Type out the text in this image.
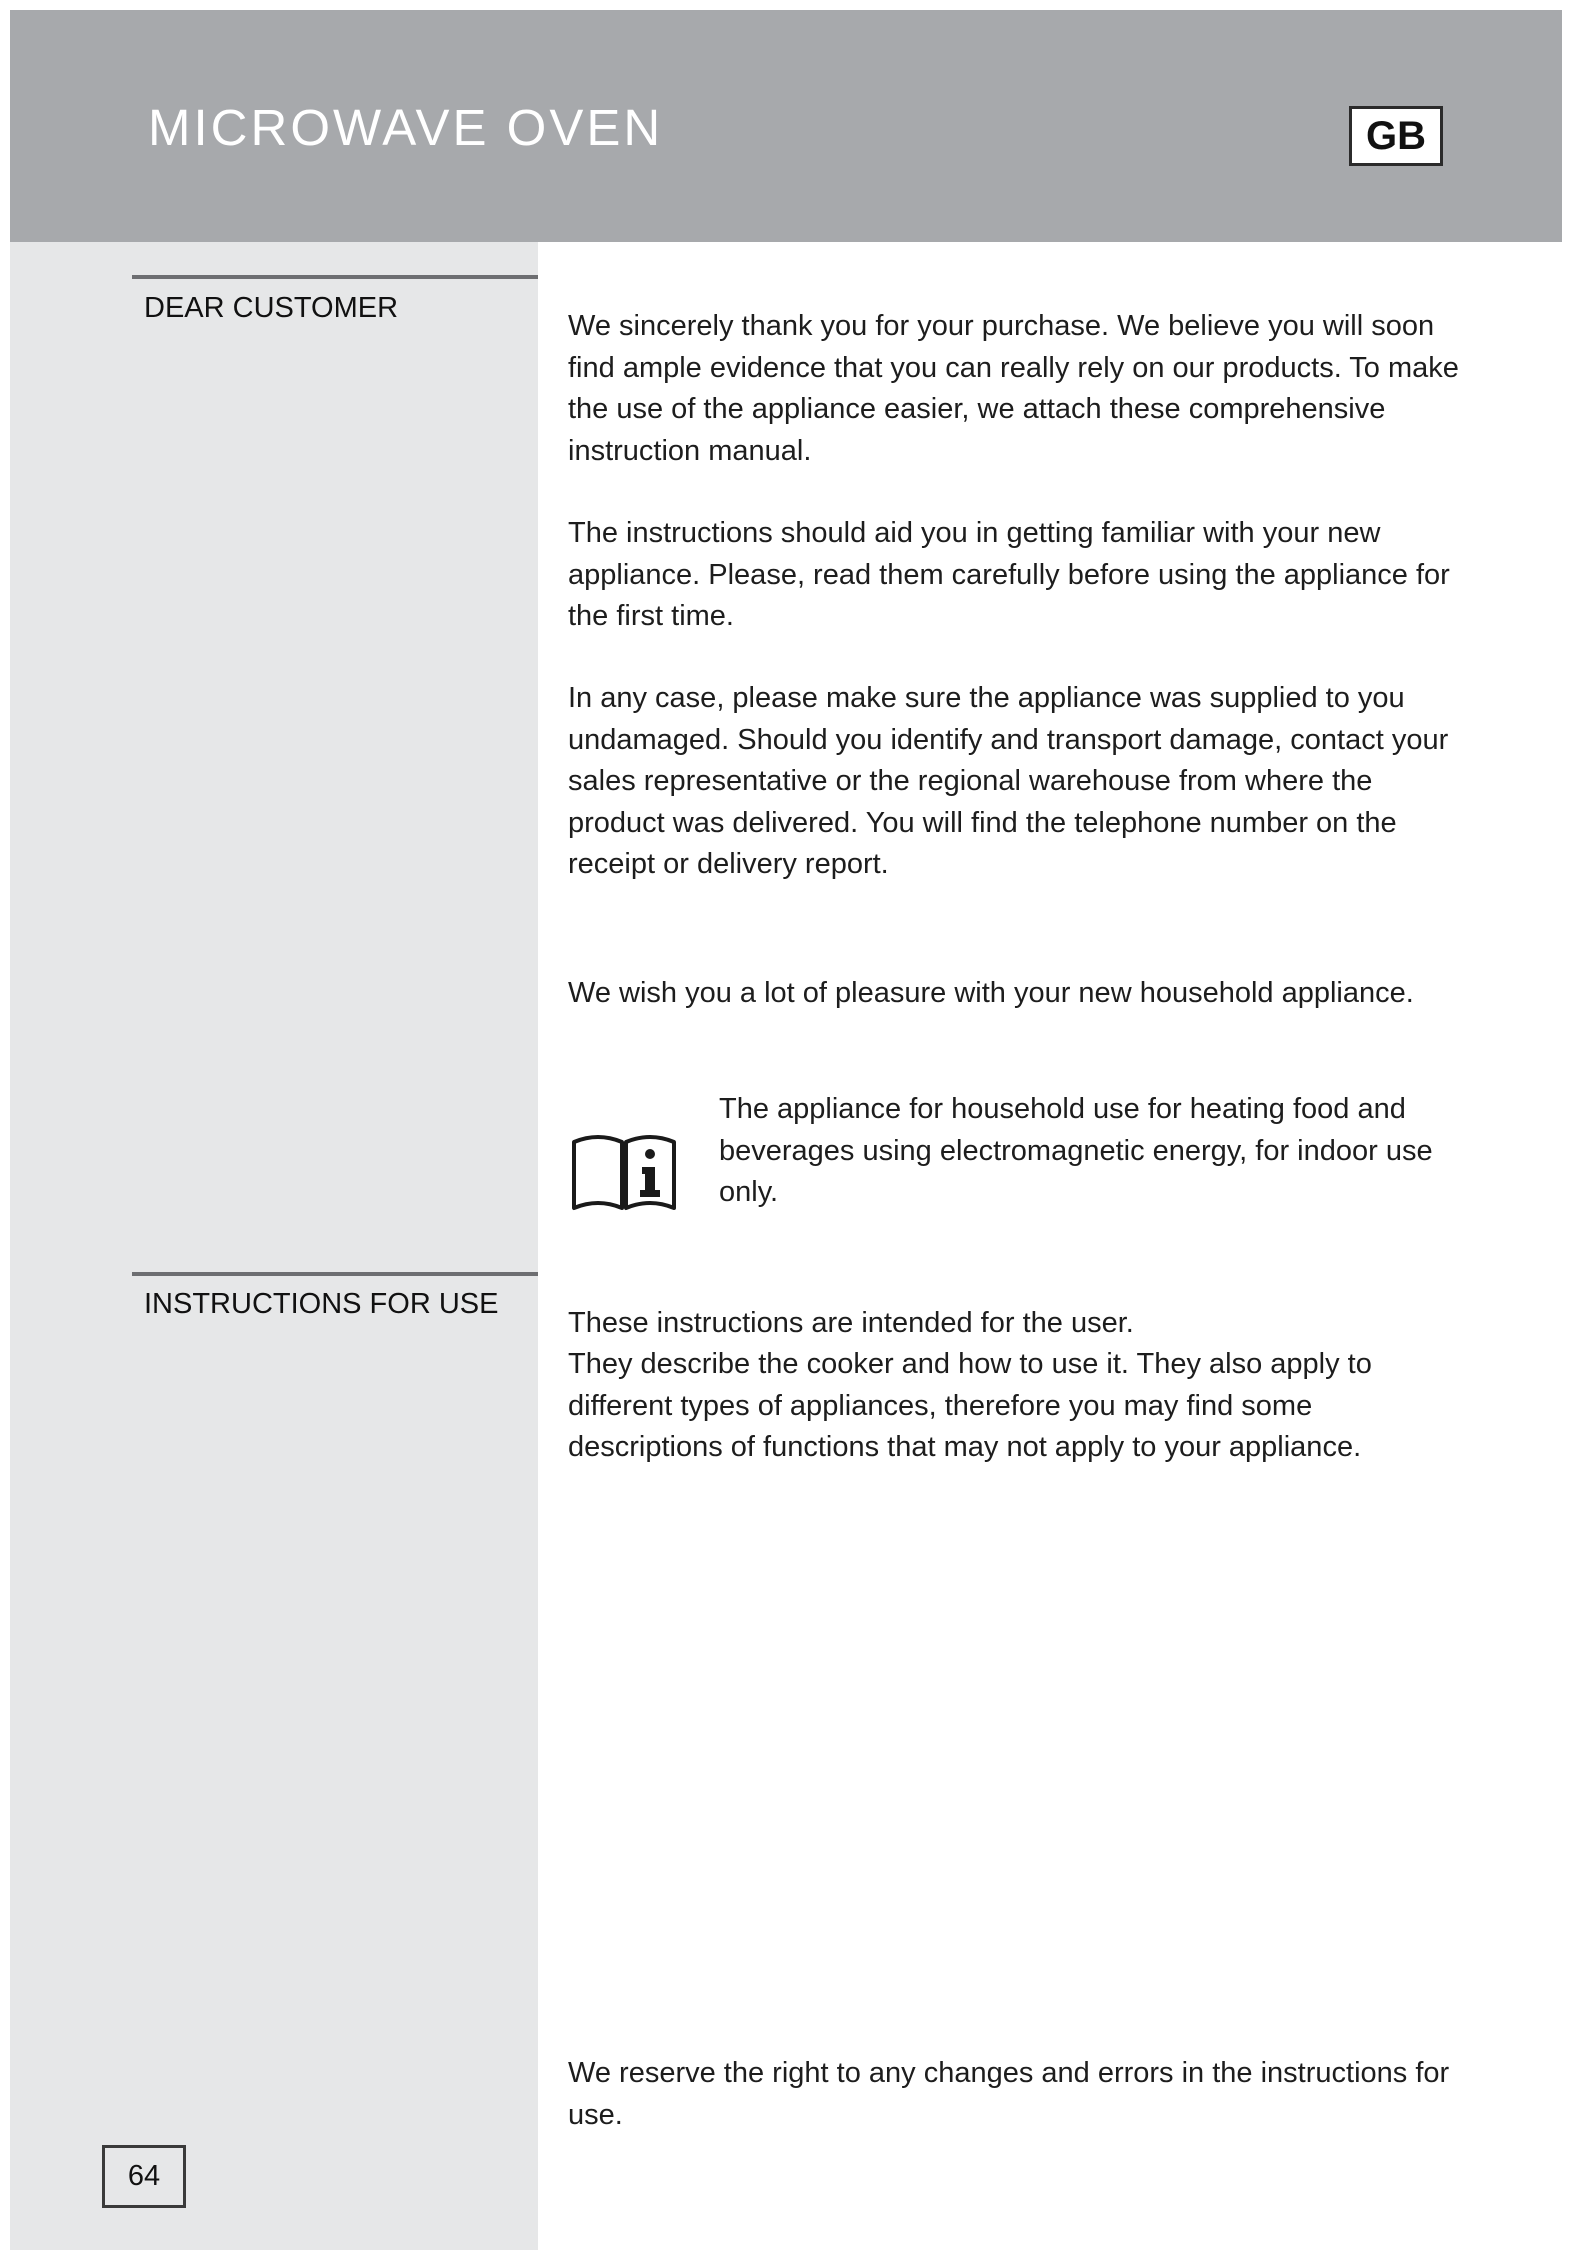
MICROWAVE OVEN	GB
DEAR CUSTOMER

We sincerely thank you for your purchase. We believe you will soon find ample evidence that you can really rely on our products. To make the use of the appliance easier, we attach these comprehensive instruction manual.

The instructions should aid you in getting familiar with your new appliance. Please, read them carefully before using the appliance for the first time.

In any case, please make sure the appliance was supplied to you undamaged. Should you identify and transport damage, contact your sales representative or the regional warehouse from where the product was delivered. You will find the telephone number on the receipt or delivery report.

We wish you a lot of pleasure with your new household appliance.

The appliance for household use for heating food and beverages using electromagnetic energy, for indoor use only.

INSTRUCTIONS FOR USE

These instructions are intended for the user.

They describe the cooker and how to use it. They also apply to different types of appliances, therefore you may find some descriptions of functions that may not apply to your appliance.

We reserve the right to any changes and errors in the instructions for use.

64
